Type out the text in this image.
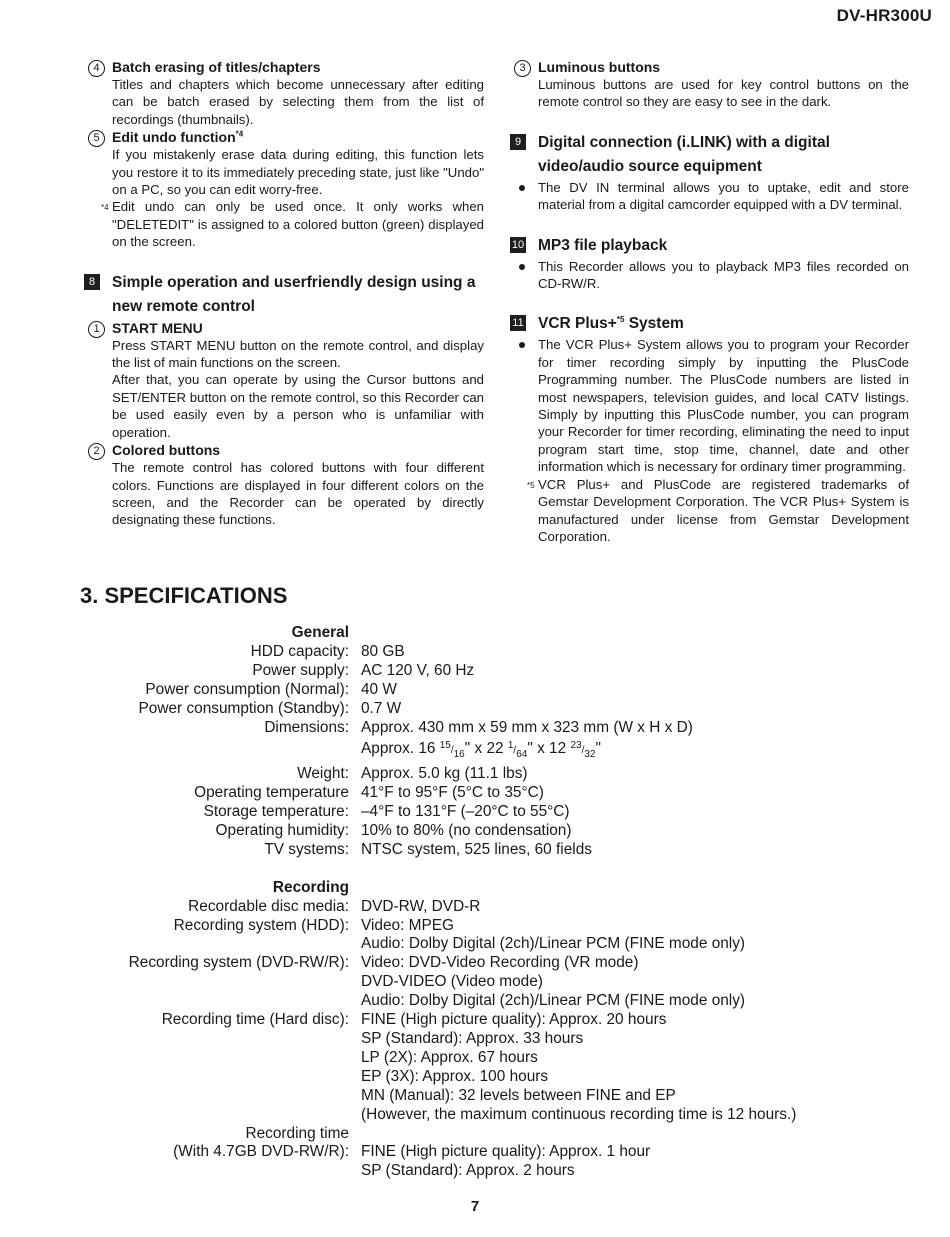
DV-HR300U
4 Batch erasing of titles/chapters
Titles and chapters which become unnecessary after editing can be batch erased by selecting them from the list of recordings (thumbnails).
5 Edit undo function$^{*4}$
If you mistakenly erase data during editing, this function lets you restore it to its immediately preceding state, just like "Undo" on a PC, so you can edit worry-free.
*4 Edit undo can only be used once. It only works when "DELETEDIT" is assigned to a colored button (green) displayed on the screen.
8	Simple operation and userfriendly design using a new remote control
1 START MENU
Press START MENU button on the remote control, and display the list of main functions on the screen.
After that, you can operate by using the Cursor buttons and SET/ENTER button on the remote control, so this Recorder can be used easily even by a person who is unfamiliar with operation.
2 Colored buttons
The remote control has colored buttons with four different colors. Functions are displayed in four different colors on the screen, and the Recorder can be operated by directly designating these functions.
3 Luminous buttons
Luminous buttons are used for key control buttons on the remote control so they are easy to see in the dark.
9	Digital connection (i.LINK) with a digital video/audio source equipment
The DV IN terminal allows you to uptake, edit and store material from a digital camcorder equipped with a DV terminal.
10 MP3 file playback
This Recorder allows you to playback MP3 files recorded on CD-RW/R.
11 VCR Plus+$^{*5}$ System
The VCR Plus+ System allows you to program your Recorder for timer recording simply by inputting the PlusCode Programming number. The PlusCode numbers are listed in most newspapers, television guides, and local CATV listings. Simply by inputting this PlusCode number, you can program your Recorder for timer recording, eliminating the need to input program start time, stop time, channel, date and other information which is necessary for ordinary timer programming.
*5 VCR Plus+ and PlusCode are registered trademarks of Gemstar Development Corporation. The VCR Plus+ System is manufactured under license from Gemstar Development Corporation.
3. SPECIFICATIONS
General
HDD capacity: 80 GB
Power supply: AC 120 V, 60 Hz
Power consumption (Normal): 40 W
Power consumption (Standby): 0.7 W
Dimensions: Approx. 430 mm x 59 mm x 323 mm (W x H x D)
Approx. 16 15/16" x 22 1/64" x 12 23/32"
Weight: Approx. 5.0 kg (11.1 lbs)
Operating temperature 41°F to 95°F (5°C to 35°C)
Storage temperature: –4°F to 131°F (–20°C to 55°C)
Operating humidity: 10% to 80% (no condensation)
TV systems: NTSC system, 525 lines, 60 fields
Recording
Recordable disc media: DVD-RW, DVD-R
Recording system (HDD): Video: MPEG
Audio: Dolby Digital (2ch)/Linear PCM (FINE mode only)
Recording system (DVD-RW/R): Video: DVD-Video Recording (VR mode)
DVD-VIDEO (Video mode)
Audio: Dolby Digital (2ch)/Linear PCM (FINE mode only)
Recording time (Hard disc): FINE (High picture quality): Approx. 20 hours
SP (Standard): Approx. 33 hours
LP (2X): Approx. 67 hours
EP (3X): Approx. 100 hours
MN (Manual): 32 levels between FINE and EP
(However, the maximum continuous recording time is 12 hours.)
Recording time
(With 4.7GB DVD-RW/R): FINE (High picture quality): Approx. 1 hour
SP (Standard): Approx. 2 hours
7
